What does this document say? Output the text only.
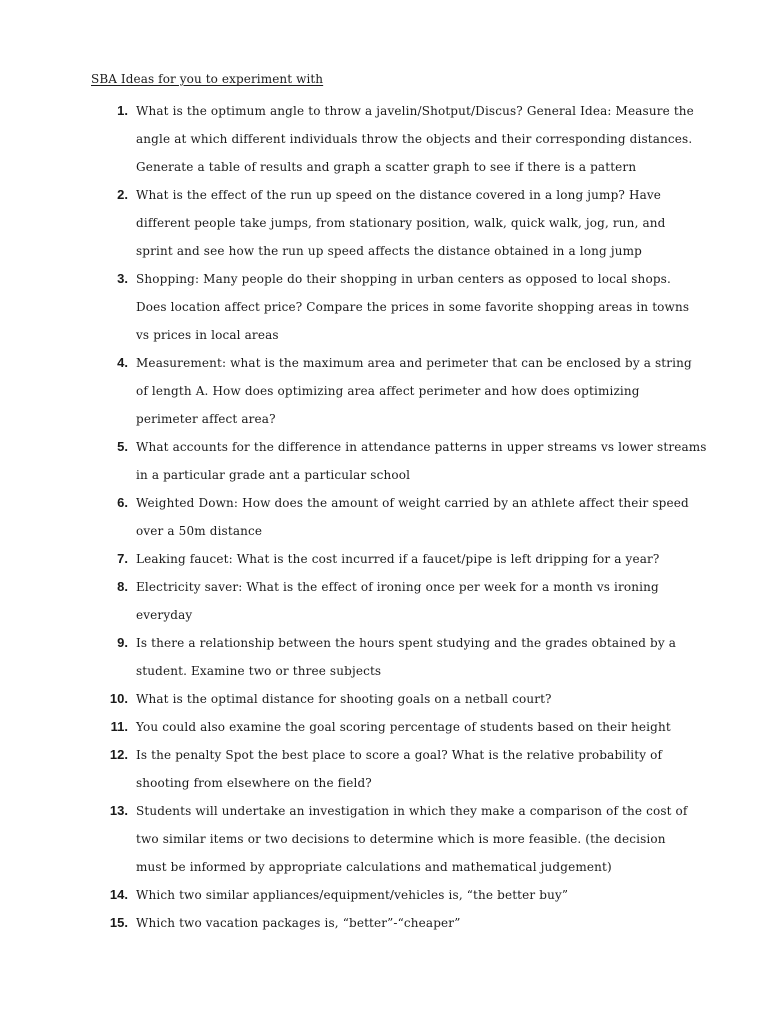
SBA Ideas for you to experiment with
1. What is the optimum angle to throw a javelin/Shotput/Discus? General Idea: Measure the
angle at which different individuals throw the objects and their corresponding distances.
Generate a table of results and graph a scatter graph to see if there is a pattern
2. What is the effect of the run up speed on the distance covered in a long jump? Have
different people take jumps, from stationary position, walk, quick walk, jog, run, and
sprint and see how the run up speed affects the distance obtained in a long jump
3. Shopping: Many people do their shopping in urban centers as opposed to local shops.
Does location affect price? Compare the prices in some favorite shopping areas in towns
vs prices in local areas
4. Measurement: what is the maximum area and perimeter that can be enclosed by a string
of length A. How does optimizing area affect perimeter and how does optimizing
perimeter affect area?
5. What accounts for the difference in attendance patterns in upper streams vs lower streams
in a particular grade ant a particular school
6. Weighted Down: How does the amount of weight carried by an athlete affect their speed
over a 50m distance
7. Leaking faucet: What is the cost incurred if a faucet/pipe is left dripping for a year?
8. Electricity saver: What is the effect of ironing once per week for a month vs ironing
everyday
9. Is there a relationship between the hours spent studying and the grades obtained by a
student. Examine two or three subjects
10. What is the optimal distance for shooting goals on a netball court?
11. You could also examine the goal scoring percentage of students based on their height
12. Is the penalty Spot the best place to score a goal? What is the relative probability of
shooting from elsewhere on the field?
13. Students will undertake an investigation in which they make a comparison of the cost of
two similar items or two decisions to determine which is more feasible. (the decision
must be informed by appropriate calculations and mathematical judgement)
14. Which two similar appliances/equipment/vehicles is, “the better buy”
15. Which two vacation packages is, “better”-“cheaper”
